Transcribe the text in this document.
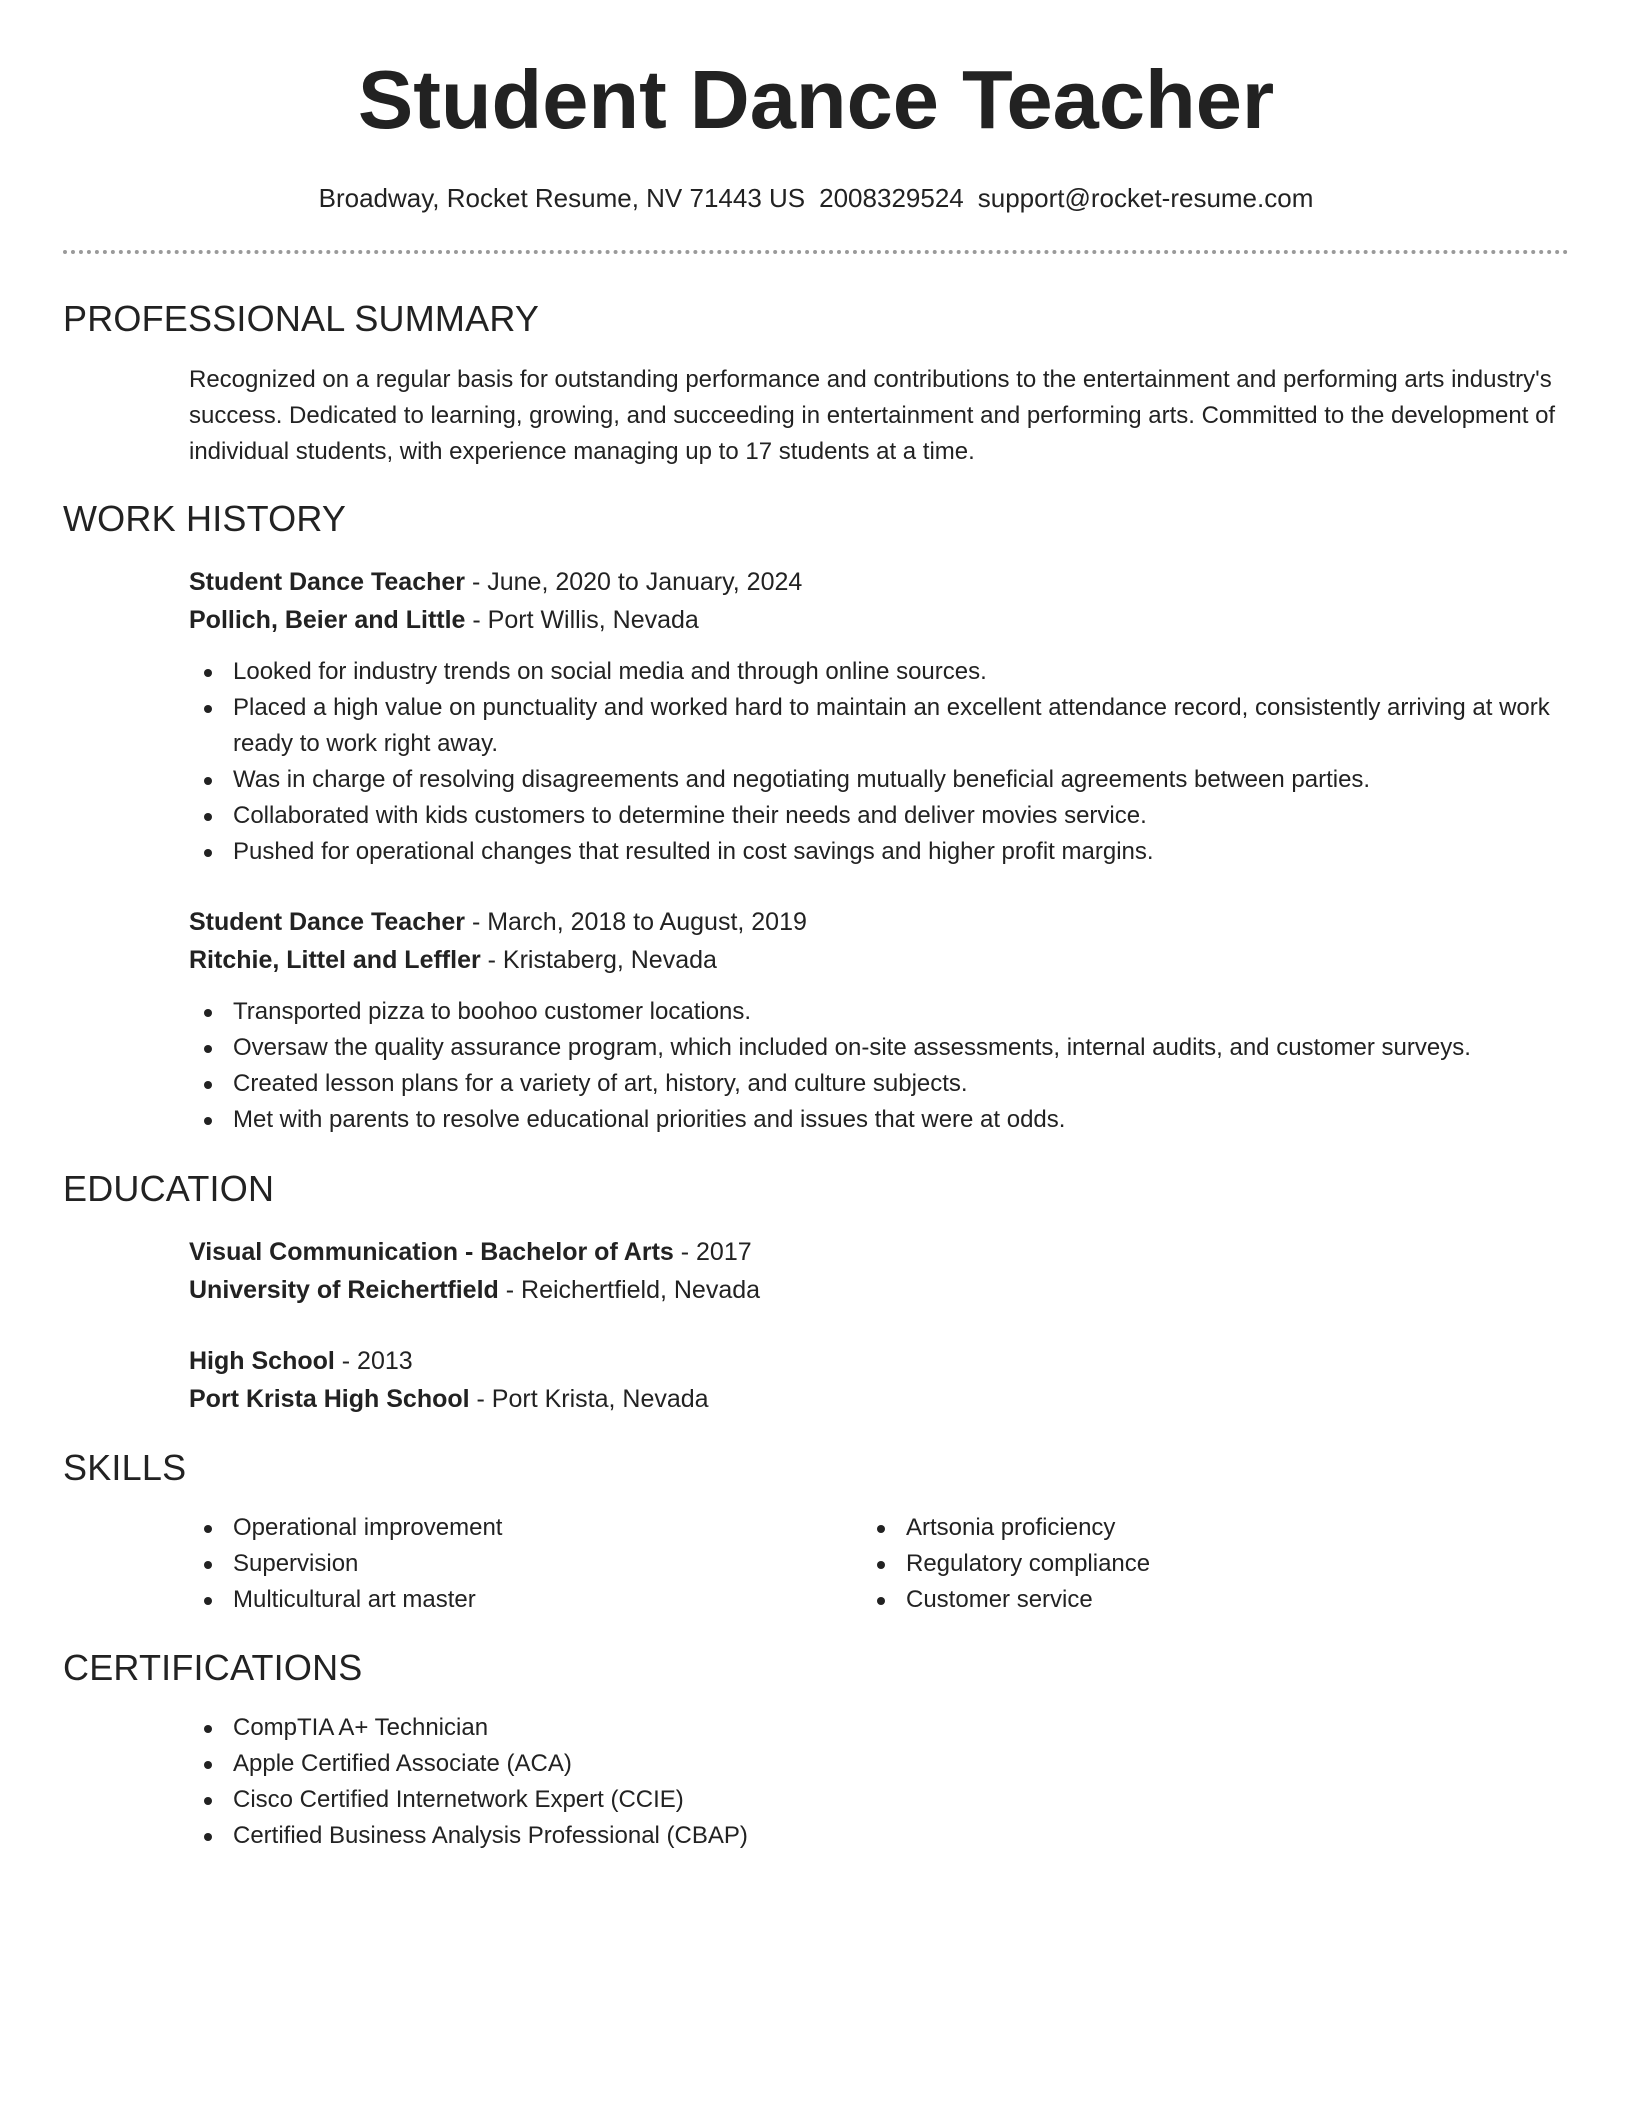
Student Dance Teacher
Broadway, Rocket Resume, NV 71443 US 2008329524 support@rocket-resume.com
PROFESSIONAL SUMMARY
Recognized on a regular basis for outstanding performance and contributions to the entertainment and performing arts industry's success. Dedicated to learning, growing, and succeeding in entertainment and performing arts. Committed to the development of individual students, with experience managing up to 17 students at a time.
WORK HISTORY
Student Dance Teacher - June, 2020 to January, 2024
Pollich, Beier and Little - Port Willis, Nevada
Looked for industry trends on social media and through online sources.
Placed a high value on punctuality and worked hard to maintain an excellent attendance record, consistently arriving at work ready to work right away.
Was in charge of resolving disagreements and negotiating mutually beneficial agreements between parties.
Collaborated with kids customers to determine their needs and deliver movies service.
Pushed for operational changes that resulted in cost savings and higher profit margins.
Student Dance Teacher - March, 2018 to August, 2019
Ritchie, Littel and Leffler - Kristaberg, Nevada
Transported pizza to boohoo customer locations.
Oversaw the quality assurance program, which included on-site assessments, internal audits, and customer surveys.
Created lesson plans for a variety of art, history, and culture subjects.
Met with parents to resolve educational priorities and issues that were at odds.
EDUCATION
Visual Communication - Bachelor of Arts - 2017
University of Reichertfield - Reichertfield, Nevada
High School - 2013
Port Krista High School - Port Krista, Nevada
SKILLS
Operational improvement
Supervision
Multicultural art master
Artsonia proficiency
Regulatory compliance
Customer service
CERTIFICATIONS
CompTIA A+ Technician
Apple Certified Associate (ACA)
Cisco Certified Internetwork Expert (CCIE)
Certified Business Analysis Professional (CBAP)
